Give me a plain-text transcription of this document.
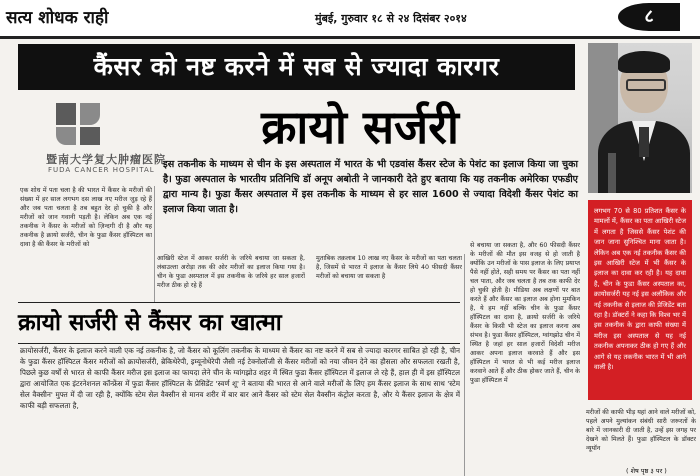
सत्य शोधक राही	मुंबई, गुरुवार १८ से २४ दिसंबर २०१४	८
कैंसर को नष्ट करने में सब से ज्यादा कारगर
暨南大学复大肿瘤医院
FUDA CANCER HOSPITAL
क्रायो सर्जरी
इस तकनीक के माध्यम से चीन के इस अस्पताल में भारत के भी एडवांस कैंसर स्टेज के पेशंट का इलाज किया जा चुका है। फुडा अस्पताल के भारतीय प्रतिनिधि डॉ अनूप अबोती ने जानकारी देते हुए बताया कि यह तकनीक अमेरिका एफडीए द्वारा मान्य है। फुडा कैंसर अस्पताल में इस तकनीक के माध्यम से हर साल 1600 से ज्यादा विदेशी कैंसर पेशंट का इलाज किया जाता है।
एक शोध में पता चला है की भारत में कैंसर के मरीजों की संख्या में हर साल लगभग दस लाख नए मरीज जुड़ रहे हैं और जब पता चलता है तब बहुत देर हो चुकी है और मरीजों को जान गवानी पड़ती है। लेकिन अब एक नई तकनीक ने कैंसर के मरीजों को ज़िन्दगी दी है और यह तकनीक है क्रायो सर्जरी, चीन के फुडा कैंसर हॉस्पिटल का दावा है की कैंसर के मरीजों को
आखिरी स्टेज में आकर सर्जरी के जरिये बचाया जा सकता है, लंबाउल्ता अरोड़ा तक की ओर मरीजों का इलाज किया गया है। चीन के फुडा अस्पताल में इस तकनीक के जरिये हर साल हजारों मरीज ठीक हो रहे हैं
मुताबिक तक़लाब 10 लाख नए कैंसर के मरीजों का पता चलता है, जिसमें से भारत में इलाज के कैंसर लिये 40 फीसदी कैंसर मरीजों को बचाया जा सकता है
से बचाया जा सकता है, और 60 फीसदी कैंसर के मरीजों की मौत इस वजह से हो जाती है क्योंकि उन मरीजों के पास इलाज के लिए प्रयाप्त पैसे नहीं होते, सही समय पर कैंसर का पता नहीं चल पाता, और जब चलता है तब तक काफी देर हो चुकी होती है। मीडिया अब लक्षणों पर बात करते हैं और कैंसर का इलाज अब होना मुमकिन है, ये हम नहीं बल्कि चीन के फुडा कैंसर हॉस्पिटल का दावा है, क्रायो सर्जरी के जरिये कैंसर के किसी भी स्टेज का इलाज करना अब संभव है। फुडा कैंसर हॉस्पिटल, ग्वांगझोउ चीन में स्थित है जहां हर साल हजारों विदेशी मरीज आकर अपना इलाज करवाते हैं और इस हॉस्पिटल में भारत से भी कई मरीज इलाज करवाने आते हैं और ठीक होकर जाते हैं, चीन के फुडा हॉस्पिटल में
क्रायो सर्जरी से कैंसर का खात्मा
क्रायोसर्जरी, कैंसर के इलाज करने वाली एक नई तकनीक है, जो कैंसर को कूलिंग तकनीक के माध्यम से कैंसर का नष्ट करने में सब से ज्यादा कारगर साबित हो रही है, चीन के फुडा कैंसर हॉस्पिटल कैंसर मरीजों को क्रायोसर्जरी, ब्रेकिथेरेपी, इम्यूनोथेरेपी जैसी नई टेक्नोलॉजी से कैंसर मरीजों को नया जीवन देने का हौसला और सफलता रखती है, पिछले कुछ वर्षों से भारत से काफी कैंसर मरीज इस इलाज का फायदा लेने चीन के ग्वांगझोउ शहर में स्थित फुडा कैंसर हॉस्पिटल में इलाज ले रहे हैं, हाल ही में इस हॉस्पिटल द्वारा आयोजित एक इंटरनेशनल कॉन्फ्रेंस में फुडा कैंसर हॉस्पिटल के प्रेसिडेंट 'स्वर्ण शू' ने बताया की भारत से आने वाले मरीजों के लिए हम कैंसर इलाज के साथ साथ 'स्टेम सेल वैक्सीन' मुफ्त में दी जा रही है, क्योंकि स्टेम सेल वैक्सीन से मानव शरीर में बार बार आने कैंसर को स्टेम सेल वैक्सीन कंट्रोल करता है, और ये कैंसर इलाज के क्षेत्र में काफी बड़ी सफलता है,
लगभग 70 से 80 प्रतिशत कैंसर के मामलों में, कैंसर का पता आखिरी स्टेज में लगता है जिससे कैंसर पेशंट की जान जाना सुनिश्चित माना जाता है। लेकिन अब एक नई तकनीक कैंसर की इस आखिरी स्टेज में भी कैंसर के इलाज का दावा कर रही है। यह दावा है, चीन के फुडा कैंसर अस्पताल का, क्रायोसर्जरी यह नई इस अलौकिक और नई तकनीक से इलाज की प्रेजिडेंट बता रहा है। डॉक्टरों ने कहा कि विश्व भर में इस तकनीक के द्वारा काफी संख्या में मरीज इस अस्पताल से यह नई तकनीक अपनाकर ठीक हो गए हैं और आगे से यह तकनीक भारत में भी आने वाली है।
मरीजों की काफी भीड़ यहां आने वाले मरीजों को, पहले अपने मुल्यांकन संबंधी सारी जरूरतों के बारे में जानकारी दी जाती है, उन्हें इस जगह पर देखने को मिलते हैं। फुडा हॉस्पिटल के डॉक्टर न्यूयॉन
( शेष पृष्ठ ३ पर )
